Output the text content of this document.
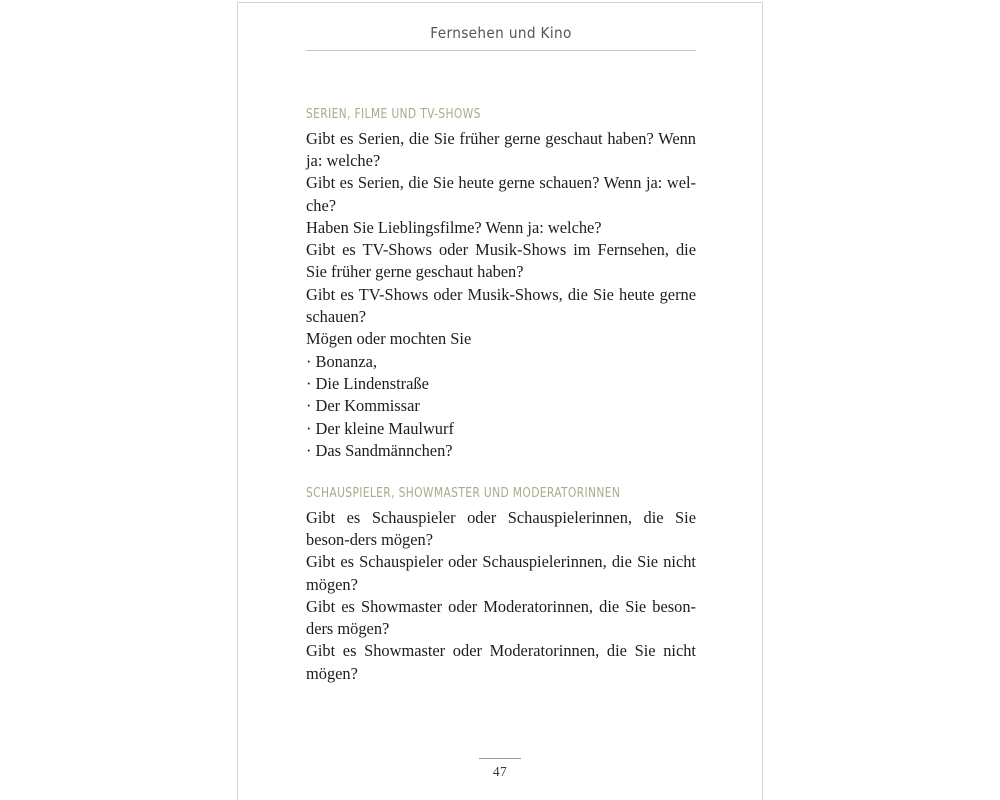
Fernsehen und Kino
SERIEN, FILME UND TV-SHOWS

Gibt es Serien, die Sie früher gerne geschaut haben? Wenn ja: welche?

Gibt es Serien, die Sie heute gerne schauen? Wenn ja: wel-che?

Haben Sie Lieblingsfilme? Wenn ja: welche?

Gibt es TV-Shows oder Musik-Shows im Fernsehen, die Sie früher gerne geschaut haben?

Gibt es TV-Shows oder Musik-Shows, die Sie heute gerne schauen?

Mögen oder mochten Sie

· Bonanza,
· Die Lindenstraße
· Der Kommissar
· Der kleine Maulwurf
· Das Sandmännchen?
SCHAUSPIELER, SHOWMASTER UND MODERATORINNEN

Gibt es Schauspieler oder Schauspielerinnen, die Sie beson-ders mögen?

Gibt es Schauspieler oder Schauspielerinnen, die Sie nicht mögen?

Gibt es Showmaster oder Moderatorinnen, die Sie beson-ders mögen?

Gibt es Showmaster oder Moderatorinnen, die Sie nicht mögen?

47
